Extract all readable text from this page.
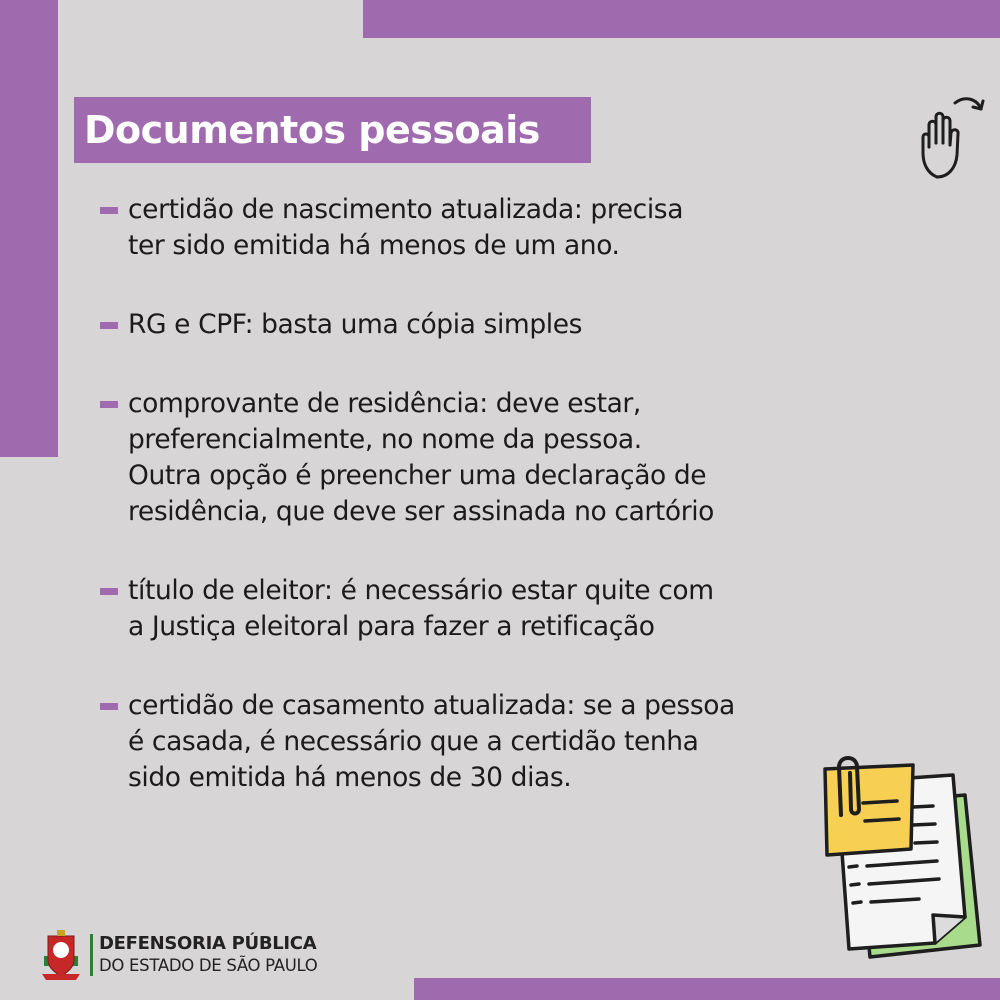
Documentos pessoais
certidão de nascimento atualizada: precisa
ter sido emitida há menos de um ano.
RG e CPF: basta uma cópia simples
comprovante de residência: deve estar,
preferencialmente, no nome da pessoa.
Outra opção é preencher uma declaração de
residência, que deve ser assinada no cartório
título de eleitor: é necessário estar quite com
a Justiça eleitoral para fazer a retificação
certidão de casamento atualizada: se a pessoa
é casada, é necessário que a certidão tenha
sido emitida há menos de 30 dias.
DEFENSORIA PÚBLICA
DO ESTADO DE SÃO PAULO
